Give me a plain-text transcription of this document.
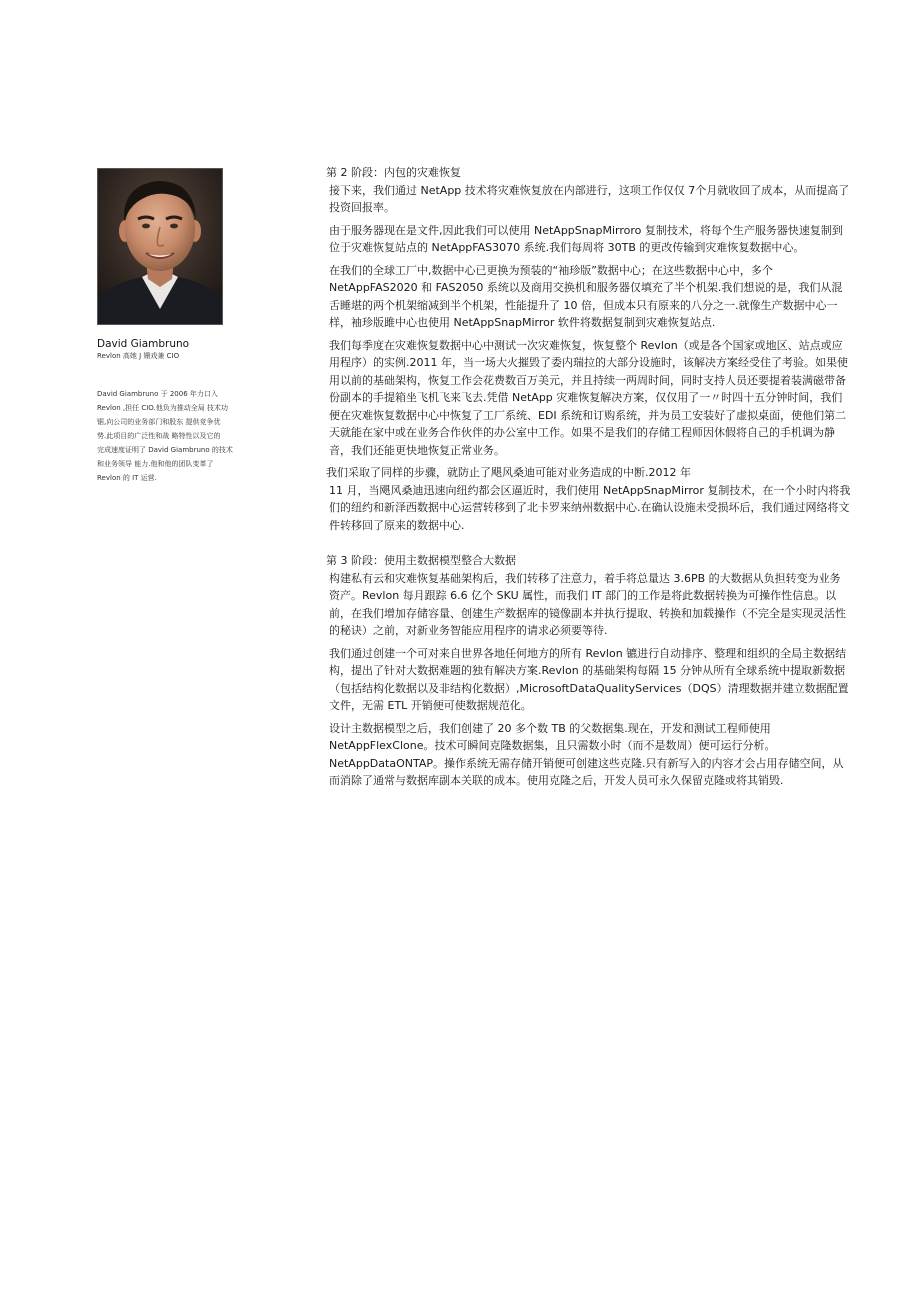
David Giambruno
Revlon 高她 J 姗戏兼 CIO
David Giambruno 于 2006 年力口入
Revlon ,担任 CIO.他负为推动全局 技术功
锯,向公司的业务部门和股东 提供竞争优
势.此项目的广泛性和战 略特性以及它的
完成速度证明了 David Giambruno 的技术
和业务领导 能力.他和他的团队变革了
Revlon 的 IT 运营.
第 2 阶段：内包的灾难恢复

接下来，我们通过 NetApp 技术将灾难恢复放在内部进行，这项工作仅仅 7个月就收回了成本，从而提高了投资回报率。

由于服务器现在是文件,因此我们可以使用 NetAppSnapMirroro 复制技术，将每个生产服务器快速复制到位于灾难恢复站点的 NetAppFAS3070 系统.我们每周将 30TB 的更改传输到灾难恢复数据中心。

在我们的全球工厂中,数据中心已更换为预装的“袖珍版”数据中心；在这些数据中心中，多个 NetAppFAS2020 和 FAS2050 系统以及商用交换机和服务器仅填充了半个机架.我们想说的是，我们从混舌睡堪的两个机架缩减到半个机架，性能提升了 10 倍，但成本只有原来的八分之一.就像生产数据中心一样，袖珍版雎中心也使用 NetAppSnapMirror 软件将数据复制到灾难恢复站点.

我们每季度在灾难恢复数据中心中测试一次灾难恢复，恢复整个 Revlon（或是各个国家或地区、站点或应用程序）的实例.2011 年，当一场大火摧毁了委内瑞拉的大部分设施时，该解决方案经受住了考验。如果使用以前的基础架构，恢复工作会花费数百万美元，并且持续一两周时间，同时支持人员还要提着装满磁带备份副本的手提箱坐飞机飞来飞去.凭借 NetApp 灾难恢复解决方案，仅仅用了一〃时四十五分钟时间，我们便在灾难恢复数据中心中恢复了工厂系统、EDI 系统和订购系统，并为员工安装好了虚拟桌面，使他们第二天就能在家中或在业务合作伙伴的办公室中工作。如果不是我们的存储工程师因休假将自己的手机调为静音，我们还能更快地恢复正常业务。

我们采取了同样的步骤，就防止了飓风桑迪可能对业务造成的中断.2012 年
11 月，当飓风桑迪迅速向纽约都会区逼近时，我们使用 NetAppSnapMirror 复制技术，在一个小时内将我们的纽约和新泽西数据中心运营转移到了北卡罗来纳州数据中心.在确认设施未受损坏后，我们通过网络将文件转移回了原来的数据中心.

第 3 阶段：使用主数据模型整合大数据

构建私有云和灾难恢复基础架构后，我们转移了注意力，着手将总量达 3.6PB 的大数据从负担转变为业务资产。Revlon 每月跟踪 6.6 亿个 SKU 属性，而我们 IT 部门的工作是将此数据转换为可操作性信息。以前，在我们增加存储容量、创建生产数据库的镜像副本并执行提取、转换和加载操作（不完全是实现灵活性的秘诀）之前，对新业务智能应用程序的请求必须要等待.

我们通过创建一个可对来自世界各地任何地方的所有 Revlon 镳进行自动排序、整理和组织的全局主数据结构，提出了针对大数据难题的独有解决方案.Revlon 的基础架构每隔 15 分钟从所有全球系统中提取新数据（包括结构化数据以及非结构化数据）,MicrosoftDataQualityServices（DQS）清理数据并建立数据配置文件，无需 ETL 开销便可使数据规范化。

设计主数据模型之后，我们创建了 20 多个数 TB 的父数据集.现在，开发和测试工程师使用 NetAppFlexClone。技术可瞬间克隆数据集，且只需数小时（而不是数周）便可运行分析。NetAppDataONTAP。操作系统无需存储开销便可创建这些克隆.只有新写入的内容才会占用存储空间，从而消除了通常与数据库副本关联的成本。使用克隆之后，开发人员可永久保留克隆或将其销毁.
